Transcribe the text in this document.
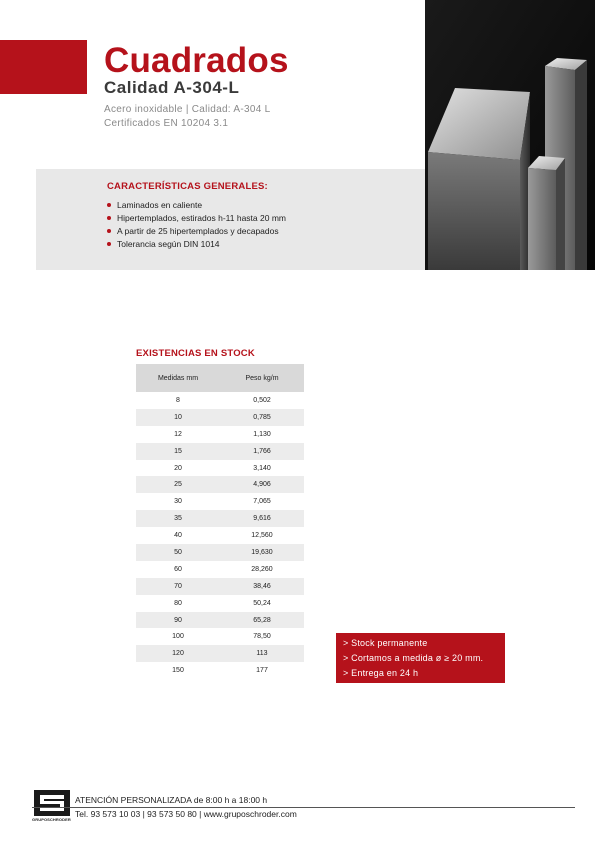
Cuadrados
Calidad A-304-L
Acero inoxidable | Calidad: A-304 L
Certificados EN 10204 3.1
CARACTERÍSTICAS GENERALES:
Laminados en caliente
Hipertemplados, estirados h-11 hasta 20 mm
A partir de 25 hipertemplados y decapados
Tolerancia según DIN 1014
EXISTENCIAS EN STOCK
Medidas mm	Peso kg/m
8	0,502
10	0,785
12	1,130
15	1,766
20	3,140
25	4,906
30	7,065
35	9,616
40	12,560
50	19,630
60	28,260
70	38,46
80	50,24
90	65,28
100	78,50
120	113
150	177
> Stock permanente
> Cortamos a medida ø ≥ 20 mm.
> Entrega en 24 h
GRUPOSCHRODER
ATENCIÓN PERSONALIZADA de 8:00 h a 18:00 h
Tel. 93 573 10 03 | 93 573 50 80 | www.gruposchroder.com
